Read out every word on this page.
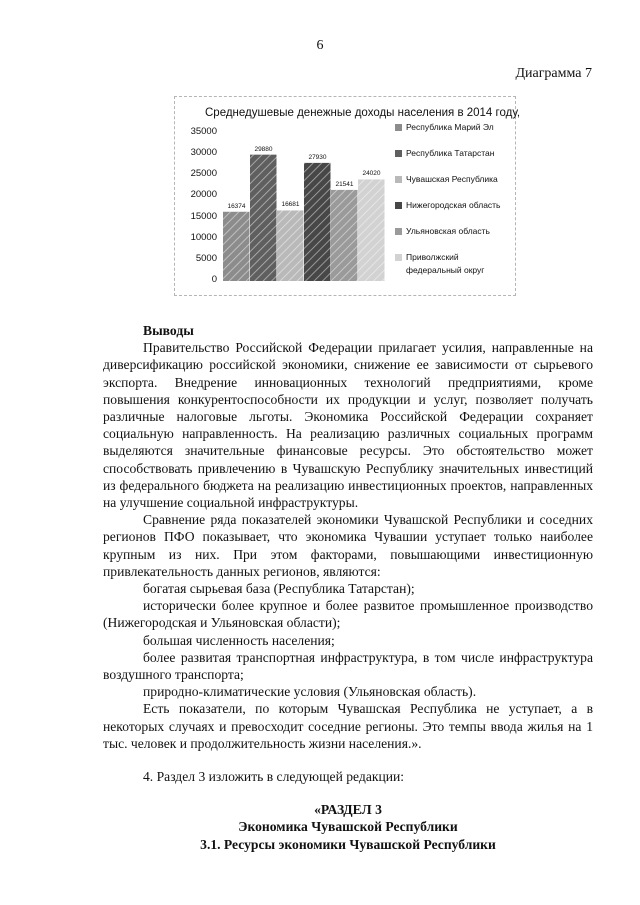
6
Диаграмма 7
Среднедушевые денежные доходы населения в 2014 году,
0
5000
10000
15000
20000
25000
30000
35000
16374
29880
16681
27930
21541
24020
Республика Марий Эл
Республика Татарстан
Чувашская Республика
Нижегородская область
Ульяновская область
Приволжский федеральный округ

Выводы

Правительство Российской Федерации прилагает усилия, направленные на диверсификацию российской экономики, снижение ее зависимости от сырьевого экспорта. Внедрение инновационных технологий предприятиями, кроме повышения конкурентоспособности их продукции и услуг, позволяет получать различные налоговые льготы. Экономика Российской Федерации сохраняет социальную направленность. На реализацию различных социальных программ выделяются значительные финансовые ресурсы. Это обстоятельство может способствовать привлечению в Чувашскую Республику значительных инвестиций из федерального бюджета на реализацию инвестиционных проектов, направленных на улучшение социальной инфраструктуры.

Сравнение ряда показателей экономики Чувашской Республики и соседних регионов ПФО показывает, что экономика Чувашии уступает только наиболее крупным из них. При этом факторами, повышающими инвестиционную привлекательность данных регионов, являются:

богатая сырьевая база (Республика Татарстан);

исторически более крупное и более развитое промышленное производство (Нижегородская и Ульяновская области);

большая численность населения;

более развитая транспортная инфраструктура, в том числе инфраструктура воздушного транспорта;

природно-климатические условия (Ульяновская область).

Есть показатели, по которым Чувашская Республика не уступает, а в некоторых случаях и превосходит соседние регионы. Это темпы ввода жилья на 1 тыс. человек и продолжительность жизни населения.».

4. Раздел 3 изложить в следующей редакции:

«РАЗДЕЛ 3

Экономика Чувашской Республики

3.1. Ресурсы экономики Чувашской Республики
